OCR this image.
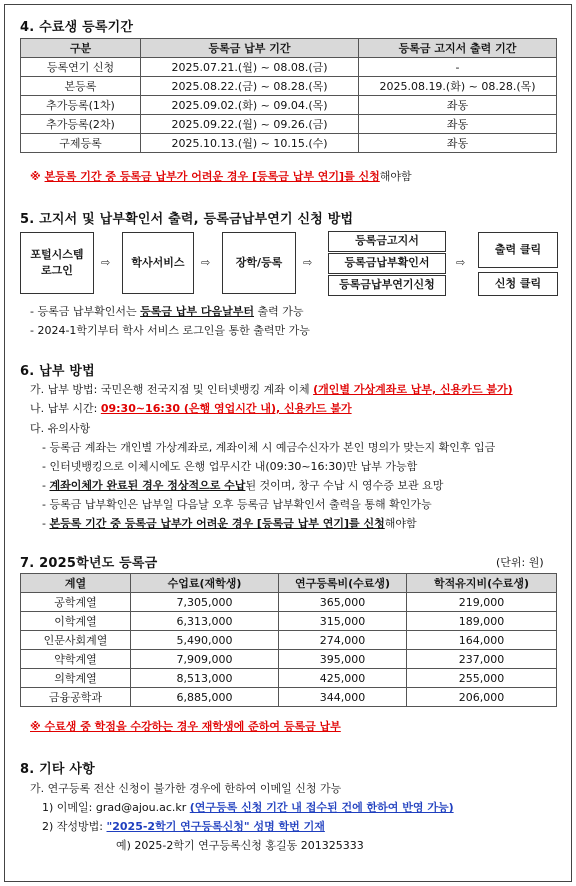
4. 수료생 등록기간
구분	등록금 납부 기간	등록금 고지서 출력 기간
등록연기 신청	2025.07.21.(월) ~ 08.08.(금)	-
본등록	2025.08.22.(금) ~ 08.28.(목)	2025.08.19.(화) ~ 08.28.(목)
추가등록(1차)	2025.09.02.(화) ~ 09.04.(목)	좌동
추가등록(2차)	2025.09.22.(월) ~ 09.26.(금)	좌동
구제등록	2025.10.13.(월) ~ 10.15.(수)	좌동
※ 본등록 기간 중 등록금 납부가 어려운 경우 [등록금 납부 연기]를 신청해야함
5. 고지서 및 납부확인서 출력, 등록금납부연기 신청 방법
포털시스템
로그인
⇨	학사서비스	⇨	장학/등록	⇨
등록금고지서
등록금납부확인서
등록금납부연기신청
⇨
출력 클릭
신청 클릭
- 등록금 납부확인서는 등록금 납부 다음날부터 출력 가능
- 2024-1학기부터 학사 서비스 로그인을 통한 출력만 가능
6. 납부 방법
가. 납부 방법: 국민은행 전국지점 및 인터넷뱅킹 계좌 이체 (개인별 가상계좌로 납부, 신용카드 불가)
나. 납부 시간: 09:30~16:30 (은행 영업시간 내), 신용카드 불가
다. 유의사항
- 등록금 계좌는 개인별 가상계좌로, 계좌이체 시 예금수신자가 본인 명의가 맞는지 확인후 입금
- 인터넷뱅킹으로 이체시에도 은행 업무시간 내(09:30~16:30)만 납부 가능함
- 계좌이체가 완료된 경우 정상적으로 수납된 것이며, 창구 수납 시 영수증 보관 요망
- 등록금 납부확인은 납부일 다음날 오후 등록금 납부확인서 출력을 통해 확인가능
- 본등록 기간 중 등록금 납부가 어려운 경우 [등록금 납부 연기]를 신청해야함
7. 2025학년도 등록금	(단위: 원)
계열	수업료(재학생)	연구등록비(수료생)	학적유지비(수료생)
공학계열	7,305,000	365,000	219,000
이학계열	6,313,000	315,000	189,000
인문사회계열	5,490,000	274,000	164,000
약학계열	7,909,000	395,000	237,000
의학계열	8,513,000	425,000	255,000
금융공학과	6,885,000	344,000	206,000
※ 수료생 중 학점을 수강하는 경우 재학생에 준하여 등록금 납부
8. 기타 사항
가. 연구등록 전산 신청이 불가한 경우에 한하여 이메일 신청 가능
1) 이메일: grad@ajou.ac.kr (연구등록 신청 기간 내 접수된 건에 한하여 반영 가능)
2) 작성방법: "2025-2학기 연구등록신청" 성명 학번 기재
예) 2025-2학기 연구등록신청 홍길동 201325333
